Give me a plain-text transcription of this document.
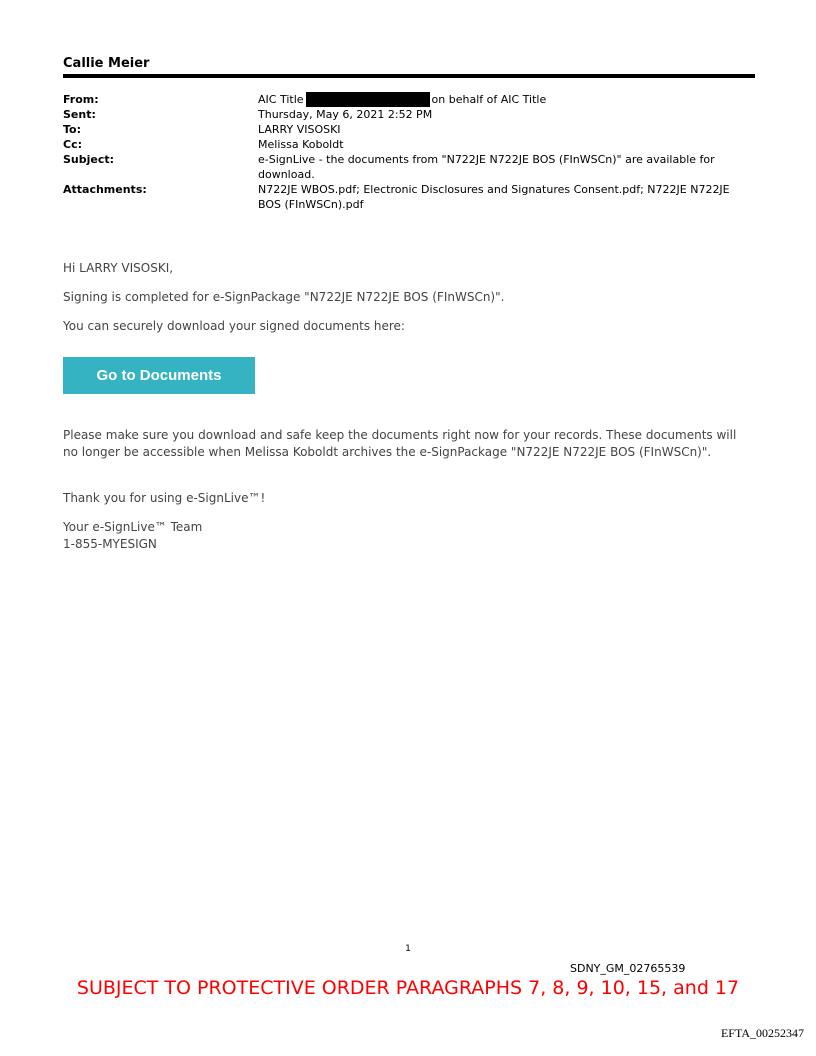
Callie Meier
From:	AIC Title	on behalf of AIC Title
Sent:	Thursday, May 6, 2021 2:52 PM
To:	LARRY VISOSKI
Cc:	Melissa Koboldt
Subject:	e-SignLive - the documents from "N722JE N722JE BOS (FInWSCn)" are available for download.
Attachments:	N722JE WBOS.pdf; Electronic Disclosures and Signatures Consent.pdf; N722JE N722JE BOS (FInWSCn).pdf

Hi LARRY VISOSKI,

Signing is completed for e-SignPackage "N722JE N722JE BOS (FInWSCn)".

You can securely download your signed documents here:

Go to Documents

Please make sure you download and safe keep the documents right now for your records. These documents will no longer be accessible when Melissa Koboldt archives the e-SignPackage "N722JE N722JE BOS (FInWSCn)".

Thank you for using e-SignLive™!

Your e-SignLive™ Team

1-855-MYESIGN

1
SDNY_GM_02765539
SUBJECT TO PROTECTIVE ORDER PARAGRAPHS 7, 8, 9, 10, 15, and 17
EFTA_00252347
